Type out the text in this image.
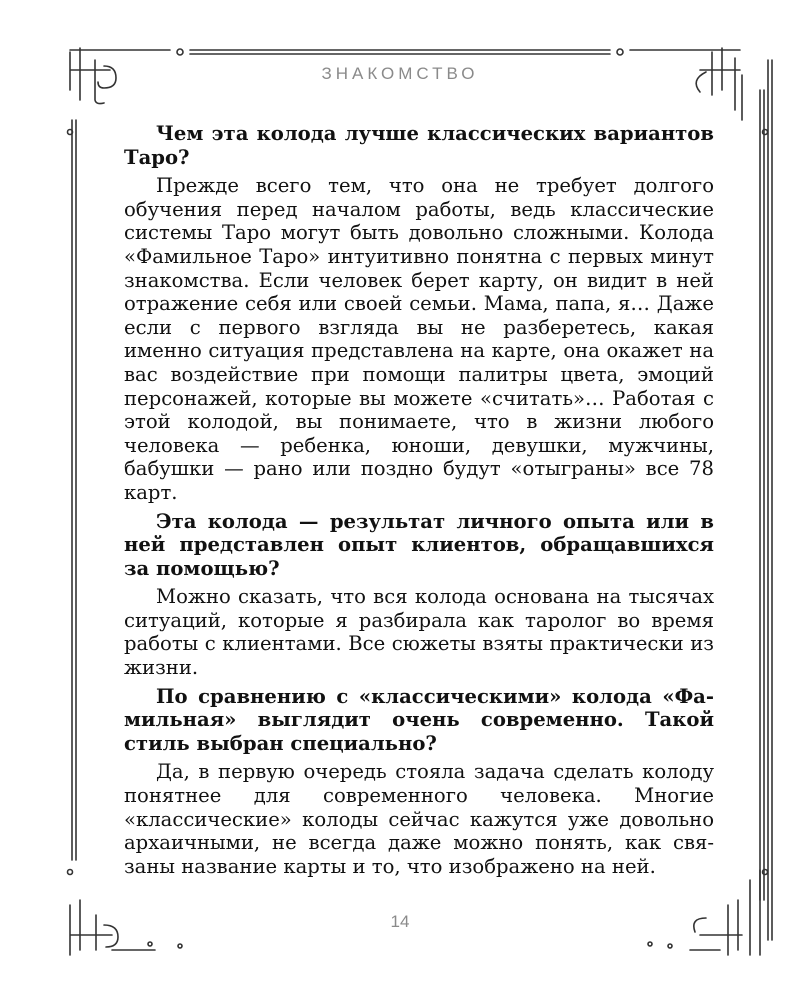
ЗНАКОМСТВО

Чем эта колода лучше классических вариантов Таро?

Прежде всего тем, что она не требует долгого обучения перед началом работы, ведь классические системы Таро могут быть довольно сложными. Колода «Фамильное Таро» интуитивно понятна с первых минут знакомства. Если человек берет карту, он видит в ней отражение себя или своей семьи. Мама, папа, я… Даже если с первого взгляда вы не разберетесь, какая именно ситуация представлена на карте, она окажет на вас воздействие при помощи палитры цвета, эмоций персонажей, которые вы можете «считать»… Работая с этой колодой, вы понимаете, что в жизни любого человека — ребенка, юноши, девушки, мужчины, бабушки — рано или поздно будут «отыграны» все 78 карт.

Эта колода — результат личного опыта или в ней представлен опыт клиентов, обращавшихся за помощью?

Можно сказать, что вся колода основана на тысячах ситуаций, которые я разбирала как таролог во время работы с клиентами. Все сюжеты взяты практически из жизни.

По сравнению с «классическими» колода «Фамильная» выглядит очень современно. Такой стиль выбран специально?

Да, в первую очередь стояла задача сделать колоду понятнее для современного человека. Многие «классические» колоды сейчас кажутся уже довольно архаичными, не всегда даже можно понять, как связаны название карты и то, что изображено на ней.

14
